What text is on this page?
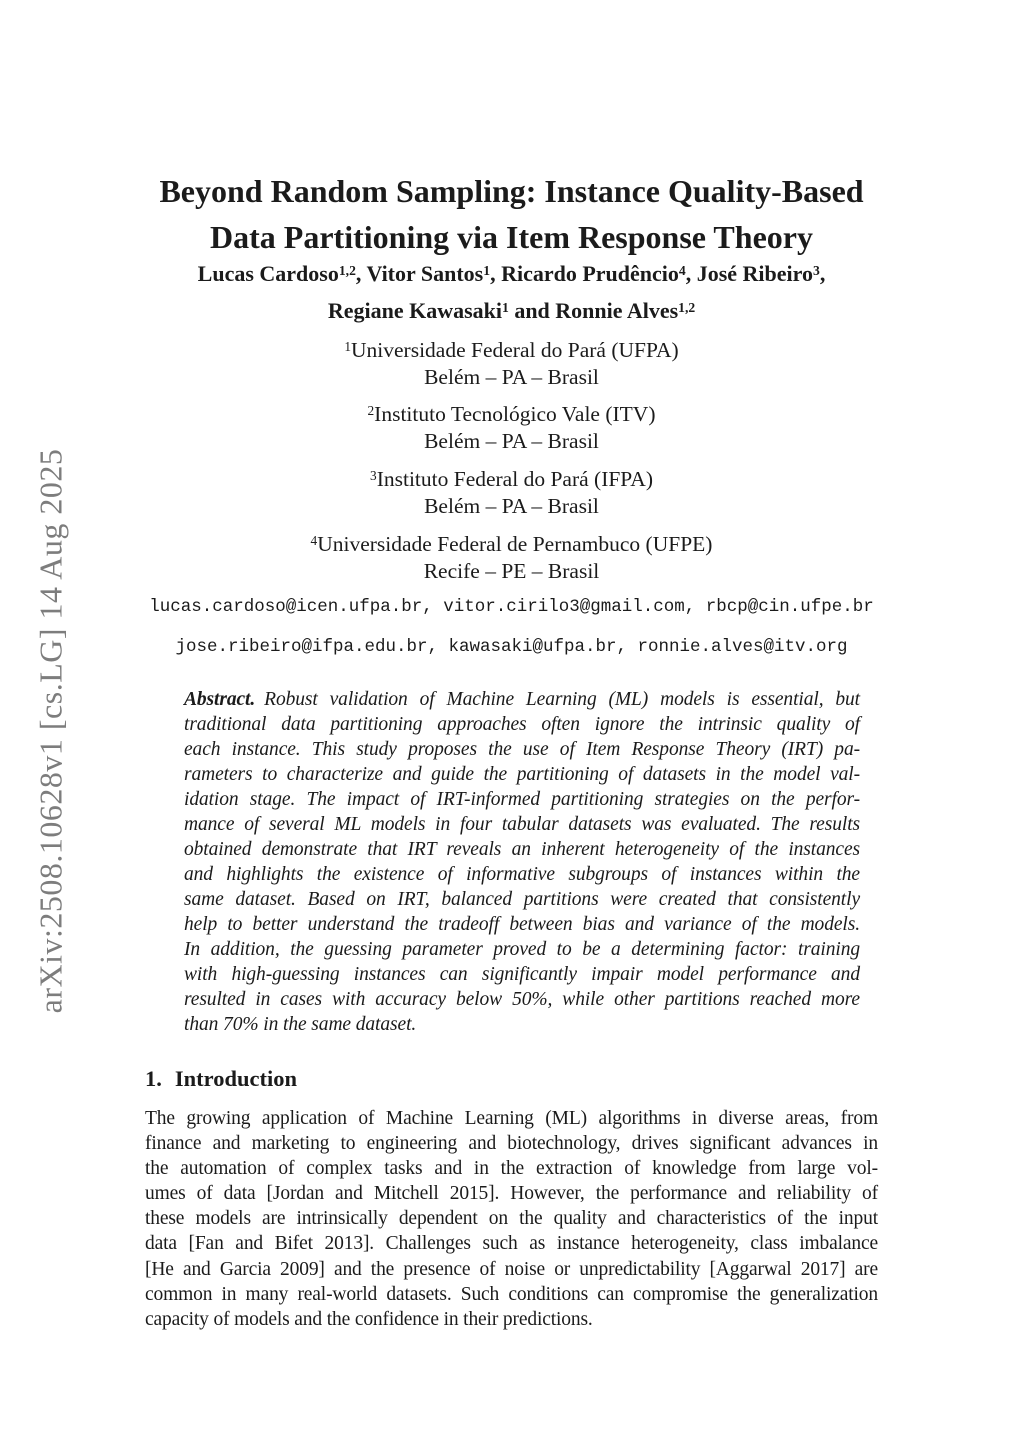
arXiv:2508.10628v1 [cs.LG] 14 Aug 2025
Beyond Random Sampling: Instance Quality-Based
Data Partitioning via Item Response Theory
Lucas Cardoso$^{1,2}$, Vitor Santos$^1$, Ricardo Prudêncio$^4$, José Ribeiro$^3$,
Regiane Kawasaki$^1$ and Ronnie Alves$^{1,2}$
$^1$Universidade Federal do Pará (UFPA)
Belém – PA – Brasil
$^2$Instituto Tecnológico Vale (ITV)
Belém – PA – Brasil
$^3$Instituto Federal do Pará (IFPA)
Belém – PA – Brasil
$^4$Universidade Federal de Pernambuco (UFPE)
Recife – PE – Brasil
lucas.cardoso@icen.ufpa.br, vitor.cirilo3@gmail.com, rbcp@cin.ufpe.br
jose.ribeiro@ifpa.edu.br, kawasaki@ufpa.br, ronnie.alves@itv.org
Abstract. Robust validation of Machine Learning (ML) models is essential, but
traditional data partitioning approaches often ignore the intrinsic quality of
each instance. This study proposes the use of Item Response Theory (IRT) pa-
rameters to characterize and guide the partitioning of datasets in the model val-
idation stage. The impact of IRT-informed partitioning strategies on the perfor-
mance of several ML models in four tabular datasets was evaluated. The results
obtained demonstrate that IRT reveals an inherent heterogeneity of the instances
and highlights the existence of informative subgroups of instances within the
same dataset. Based on IRT, balanced partitions were created that consistently
help to better understand the tradeoff between bias and variance of the models.
In addition, the guessing parameter proved to be a determining factor: training
with high-guessing instances can significantly impair model performance and
resulted in cases with accuracy below 50%, while other partitions reached more
than 70% in the same dataset.
1. Introduction
The growing application of Machine Learning (ML) algorithms in diverse areas, from
finance and marketing to engineering and biotechnology, drives significant advances in
the automation of complex tasks and in the extraction of knowledge from large vol-
umes of data [Jordan and Mitchell 2015]. However, the performance and reliability of
these models are intrinsically dependent on the quality and characteristics of the input
data [Fan and Bifet 2013]. Challenges such as instance heterogeneity, class imbalance
[He and Garcia 2009] and the presence of noise or unpredictability [Aggarwal 2017] are
common in many real-world datasets. Such conditions can compromise the generalization
capacity of models and the confidence in their predictions.
